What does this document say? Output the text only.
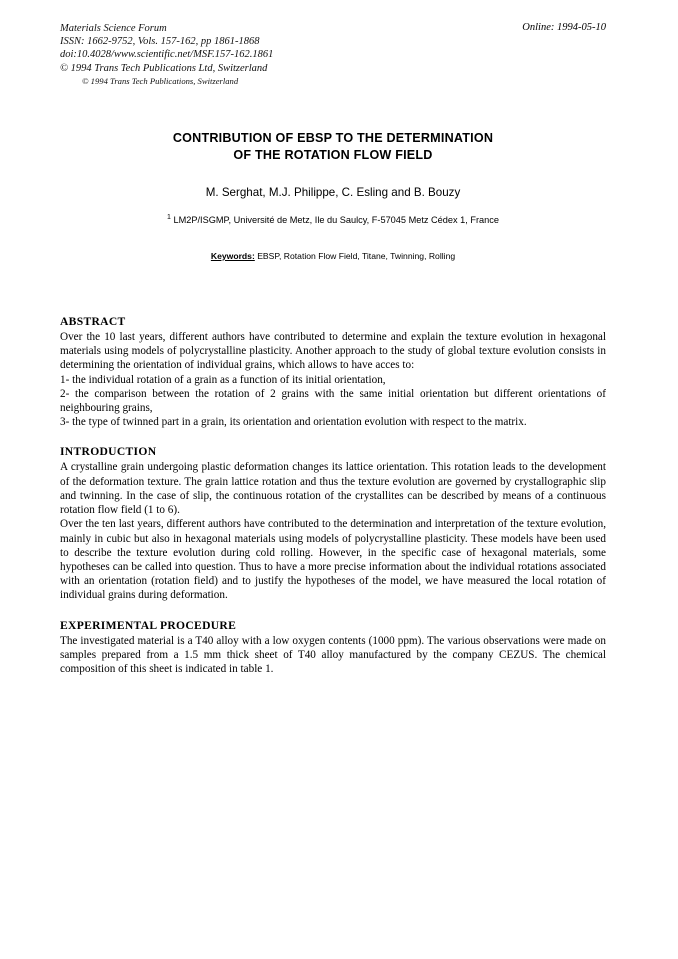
Materials Science Forum
ISSN: 1662-9752, Vols. 157-162, pp 1861-1868
doi:10.4028/www.scientific.net/MSF.157-162.1861
© 1994 Trans Tech Publications Ltd, Switzerland
© 1994 Trans Tech Publications, Switzerland
Online: 1994-05-10
CONTRIBUTION OF EBSP TO THE DETERMINATION
OF THE ROTATION FLOW FIELD
M. Serghat, M.J. Philippe, C. Esling and B. Bouzy
$^1$ LM2P/ISGMP, Université de Metz, Ile du Saulcy, F-57045 Metz Cédex 1, France
Keywords: EBSP, Rotation Flow Field, Titane, Twinning, Rolling
ABSTRACT

Over the 10 last years, different authors have contributed to determine and explain the texture evolution in hexagonal materials using models of polycrystalline plasticity. Another approach to the study of global texture evolution consists in determining the orientation of individual grains, which allows to have acces to:

1- the individual rotation of a grain as a function of its initial orientation,

2- the comparison between the rotation of 2 grains with the same initial orientation but different orientations of neighbouring grains,

3- the type of twinned part in a grain, its orientation and orientation evolution with respect to the matrix.

INTRODUCTION

A crystalline grain undergoing plastic deformation changes its lattice orientation. This rotation leads to the development of the deformation texture. The grain lattice rotation and thus the texture evolution are governed by crystallographic slip and twinning. In the case of slip, the continuous rotation of the crystallites can be described by means of a continuous rotation flow field (1 to 6).

Over the ten last years, different authors have contributed to the determination and interpretation of the texture evolution, mainly in cubic but also in hexagonal materials using models of polycrystalline plasticity. These models have been used to describe the texture evolution during cold rolling. However, in the specific case of hexagonal materials, some hypotheses can be called into question. Thus to have a more precise information about the individual rotations associated with an orientation (rotation field) and to justify the hypotheses of the model, we have measured the local rotation of individual grains during deformation.

EXPERIMENTAL PROCEDURE

The investigated material is a T40 alloy with a low oxygen contents (1000 ppm). The various observations were made on samples prepared from a 1.5 mm thick sheet of T40 alloy manufactured by the company CEZUS. The chemical composition of this sheet is indicated in table 1.
